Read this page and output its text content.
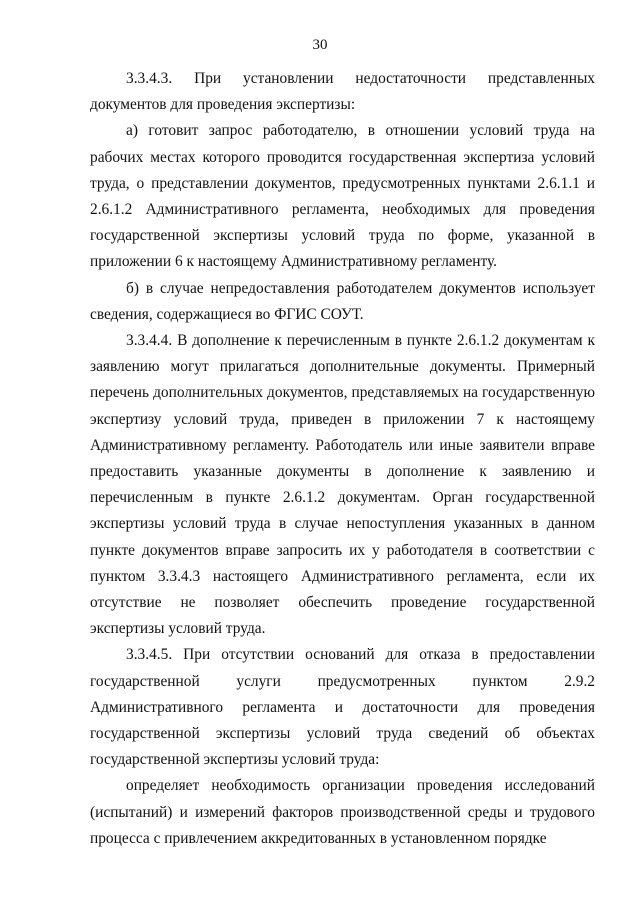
30

3.3.4.3. При установлении недостаточности представленных документов для проведения экспертизы:

а) готовит запрос работодателю, в отношении условий труда на рабочих местах которого проводится государственная экспертиза условий труда, о представлении документов, предусмотренных пунктами 2.6.1.1 и 2.6.1.2 Административного регламента, необходимых для проведения государственной экспертизы условий труда по форме, указанной в приложении 6 к настоящему Административному регламенту.

б) в случае непредоставления работодателем документов использует сведения, содержащиеся во ФГИС СОУТ.

3.3.4.4. В дополнение к перечисленным в пункте 2.6.1.2 документам к заявлению могут прилагаться дополнительные документы. Примерный перечень дополнительных документов, представляемых на государственную экспертизу условий труда, приведен в приложении 7 к настоящему Административному регламенту. Работодатель или иные заявители вправе предоставить указанные документы в дополнение к заявлению и перечисленным в пункте 2.6.1.2 документам. Орган государственной экспертизы условий труда в случае непоступления указанных в данном пункте документов вправе запросить их у работодателя в соответствии с пунктом 3.3.4.3 настоящего Административного регламента, если их отсутствие не позволяет обеспечить проведение государственной экспертизы условий труда.

3.3.4.5. При отсутствии оснований для отказа в предоставлении государственной услуги предусмотренных пунктом 2.9.2 Административного регламента и достаточности для проведения государственной экспертизы условий труда сведений об объектах государственной экспертизы условий труда:

определяет необходимость организации проведения исследований (испытаний) и измерений факторов производственной среды и трудового процесса с привлечением аккредитованных в установленном порядке
